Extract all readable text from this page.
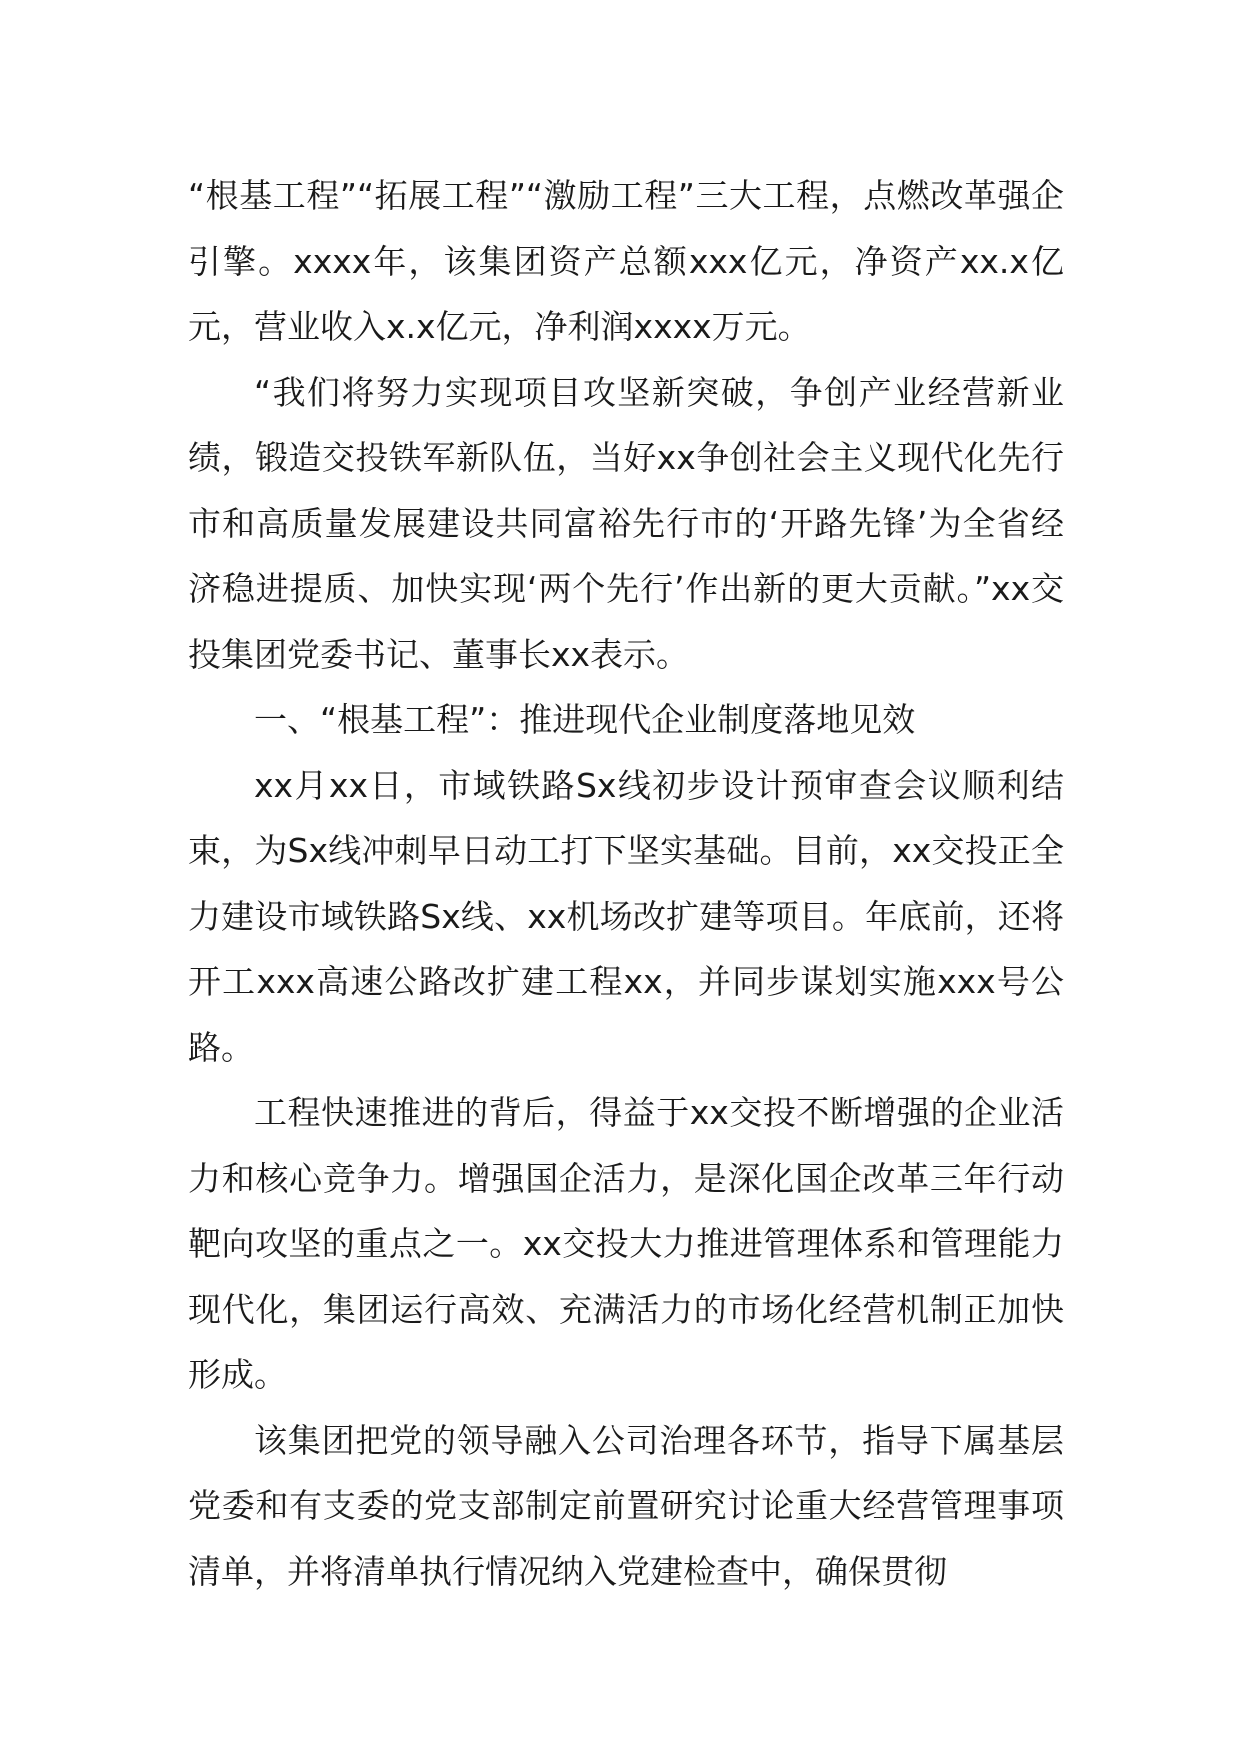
“根基工程”“拓展工程”“激励工程”三大工程，点燃改革强企引擎。xxxx年，该集团资产总额xxx亿元，净资产xx.x亿元，营业收入x.x亿元，净利润xxxx万元。

“我们将努力实现项目攻坚新突破，争创产业经营新业绩，锻造交投铁军新队伍，当好xx争创社会主义现代化先行市和高质量发展建设共同富裕先行市的‘开路先锋’为全省经济稳进提质、加快实现‘两个先行’作出新的更大贡献。”xx交投集团党委书记、董事长xx表示。

一、“根基工程”：推进现代企业制度落地见效

xx月xx日，市域铁路Sx线初步设计预审查会议顺利结束，为Sx线冲刺早日动工打下坚实基础。目前，xx交投正全力建设市域铁路Sx线、xx机场改扩建等项目。年底前，还将开工xxx高速公路改扩建工程xx，并同步谋划实施xxx号公路。

工程快速推进的背后，得益于xx交投不断增强的企业活力和核心竞争力。增强国企活力，是深化国企改革三年行动靶向攻坚的重点之一。xx交投大力推进管理体系和管理能力现代化，集团运行高效、充满活力的市场化经营机制正加快形成。

该集团把党的领导融入公司治理各环节，指导下属基层党委和有支委的党支部制定前置研究讨论重大经营管理事项清单，并将清单执行情况纳入党建检查中，确保贯彻
